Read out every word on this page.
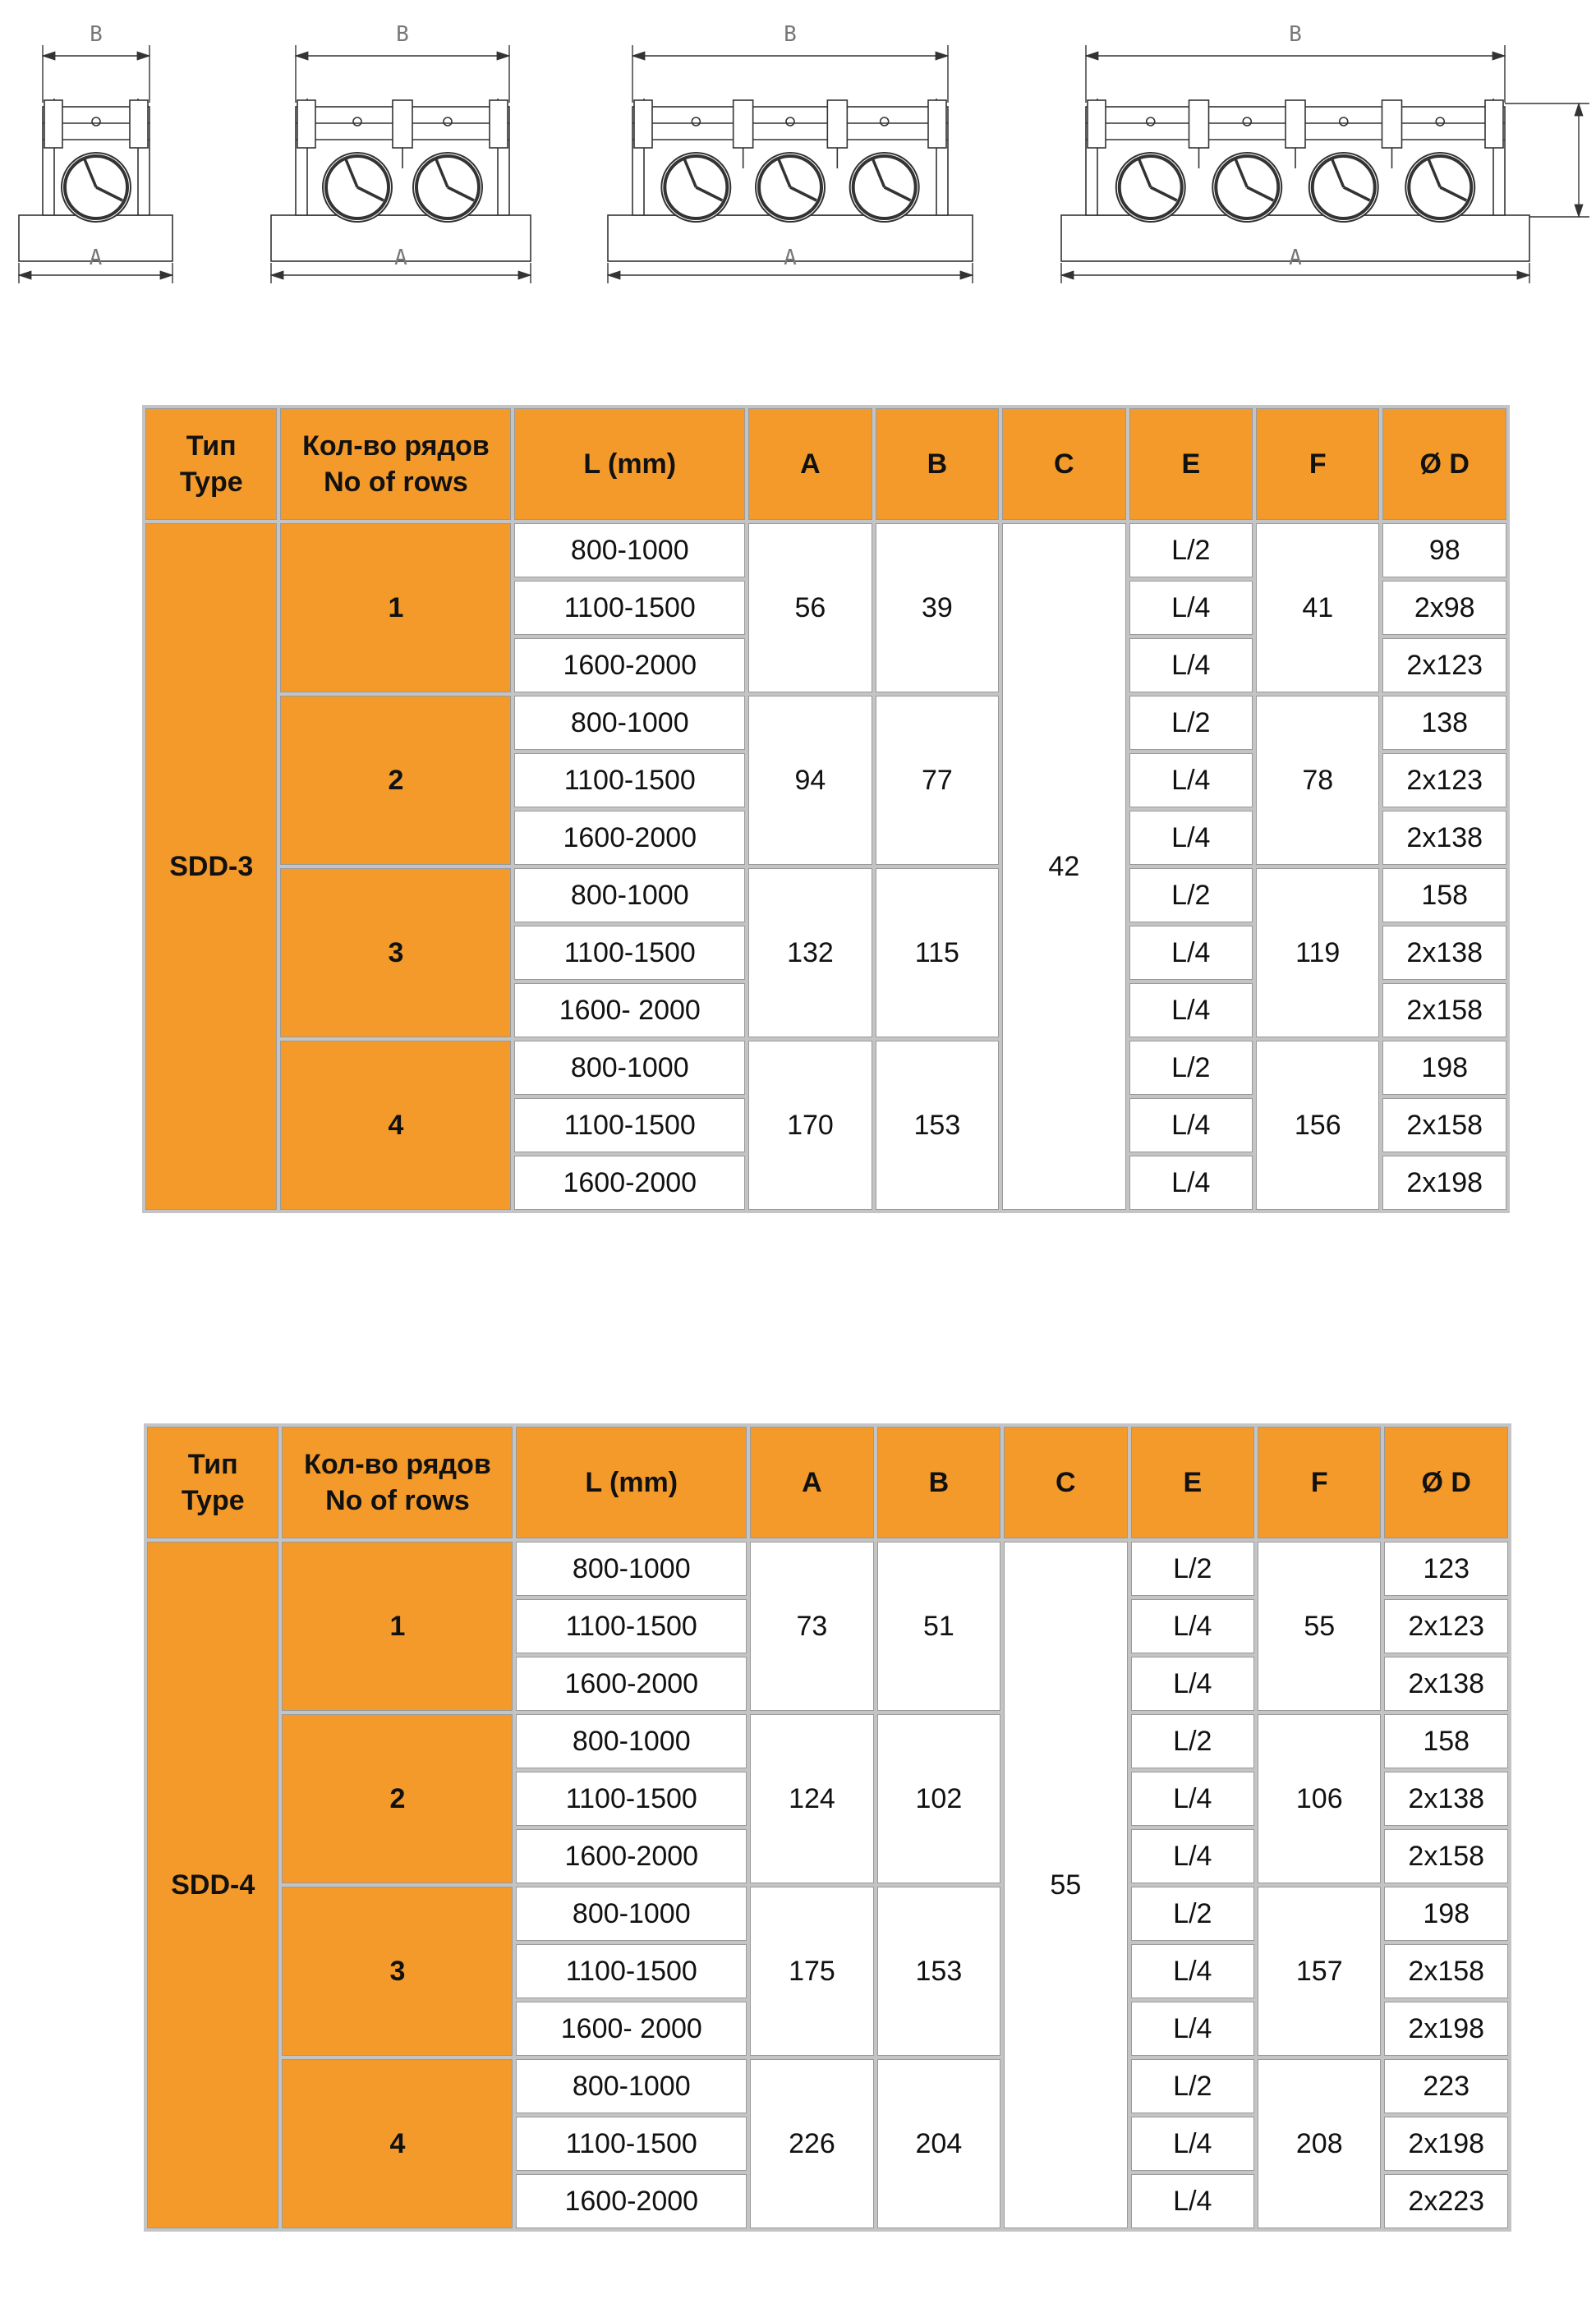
B
A
B
A
B
A
B
A
Тип
Type	Кол-во рядов
No of rows	L (mm)	A	B	C	E	F	Ø D
SDD-3	1	800-1000	56	39	42	L/2	41	98
		1100-1500				L/4		2x98
		1600-2000				L/4		2x123
	2	800-1000	94	77		L/2	78	138
		1100-1500				L/4		2x123
		1600-2000				L/4		2x138
	3	800-1000	132	115		L/2	119	158
		1100-1500				L/4		2x138
		1600- 2000				L/4		2x158
	4	800-1000	170	153		L/2	156	198
		1100-1500				L/4		2x158
		1600-2000				L/4		2x198
Тип
Type	Кол-во рядов
No of rows	L (mm)	A	B	C	E	F	Ø D
SDD-4	1	800-1000	73	51	55	L/2	55	123
		1100-1500				L/4		2x123
		1600-2000				L/4		2x138
	2	800-1000	124	102		L/2	106	158
		1100-1500				L/4		2x138
		1600-2000				L/4		2x158
	3	800-1000	175	153		L/2	157	198
		1100-1500				L/4		2x158
		1600- 2000				L/4		2x198
	4	800-1000	226	204		L/2	208	223
		1100-1500				L/4		2x198
		1600-2000				L/4		2x223
